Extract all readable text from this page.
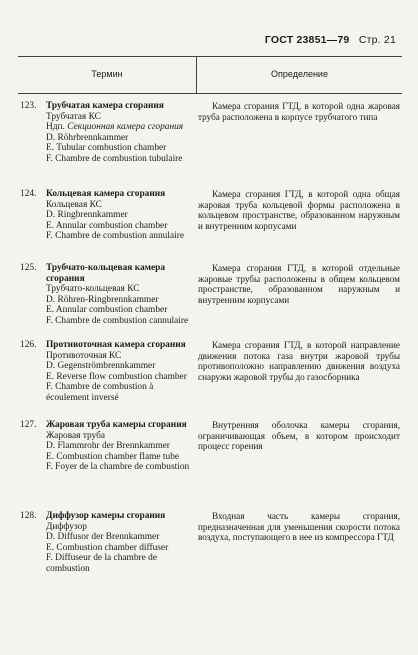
ГОСТ 23851—79 Стр. 21
Термин	Определение
123. Трубчатая камера сгорания
Трубчатая КС
Ндп. Секционная камера сгорания
D. Röhrbrennkammer
E. Tubular combustion chamber
F. Chambre de combustion tubulaire
Камера сгорания ГТД, в которой одна жаровая труба расположена в корпусе трубчатого типа
124. Кольцевая камера сгорания
Кольцевая КС
D. Ringbrennkammer
E. Annular combustion chamber
F. Chambre de combustion annulaire
Камера сгорания ГТД, в которой одна общая жаровая труба кольцевой формы расположена в кольцевом пространстве, образованном наружным и внутренним корпусами
125. Трубчато-кольцевая камера сгорания
Трубчато-кольцевая КС
D. Röhren-Ringbrennkammer
E. Annular combustion chamber
F. Chambre de combustion cannulaire
Камера сгорания ГТД, в которой отдельные жаровые трубы расположены в общем кольцевом пространстве, образованном наружным и внутренним корпусами
126. Противоточная камера сгорания
Противоточная КС
D. Gegenströmbrennkammer
E. Reverse flow combustion chamber
F. Chambre de combustion à écoulement inversé
Камера сгорания ГТД, в которой направление движения потока газа внутри жаровой трубы противоположно направлению движения воздуха снаружи жаровой трубы до газосборника
127. Жаровая труба камеры сгорания
Жаровая труба
D. Flammrohr der Brennkammer
E. Combustion chamber flame tube
F. Foyer de la chambre de combustion
Внутренняя оболочка камеры сгорания, ограничивающая объем, в котором происходит процесс горения
128. Диффузор камеры сгорания
Диффузор
D. Diffusor der Brennkammer
E. Combustion chamber diffuser
F. Diffuseur de la chambre de combustion
Входная часть камеры сгорания, предназначенная для уменьшения скорости потока воздуха, поступающего в нее из компрессора ГТД
